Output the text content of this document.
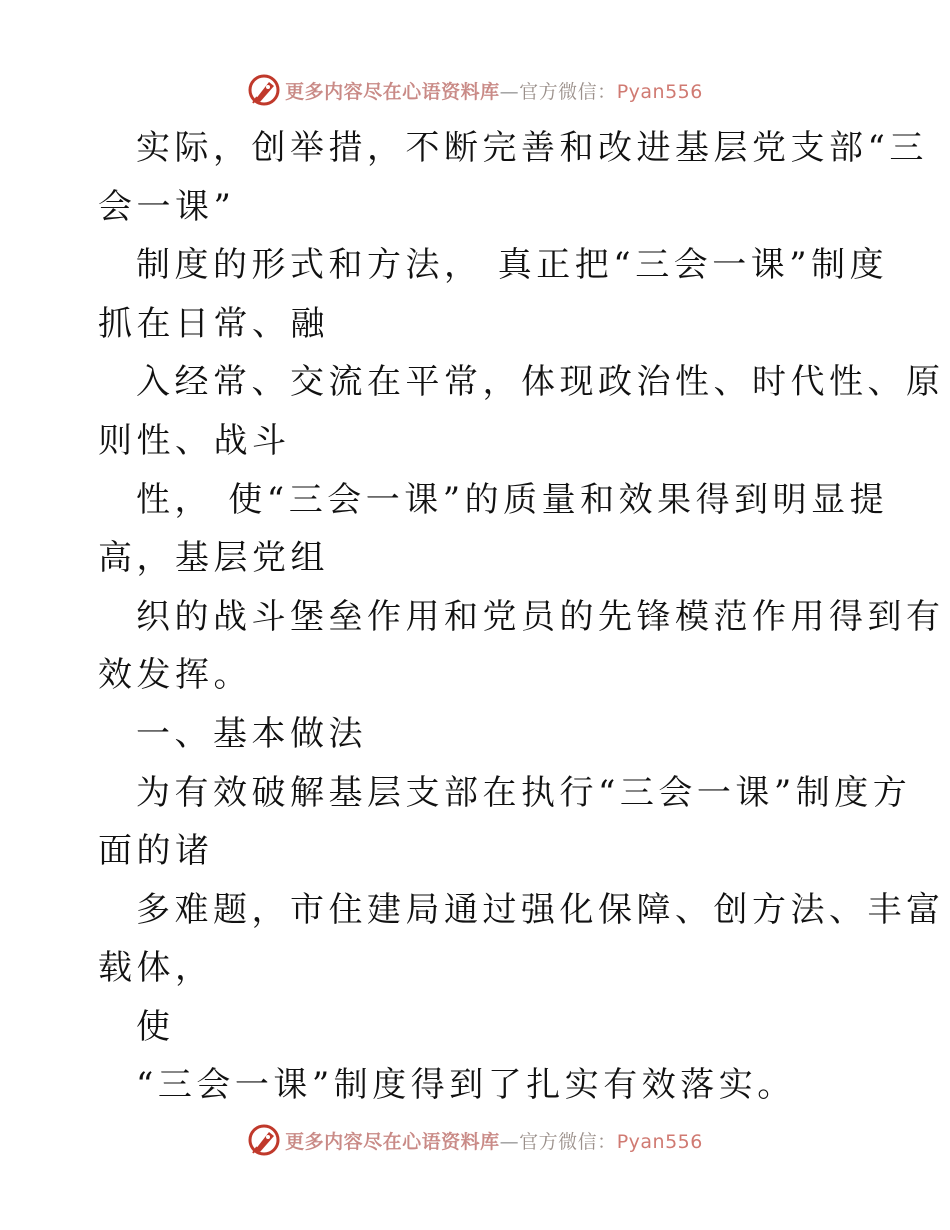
更多内容尽在心语资料库—官方微信：Pyan556
实际，创举措，不断完善和改进基层党支部“三
会一课”
制度的形式和方法， 真正把“三会一课”制度
抓在日常、融
入经常、交流在平常，体现政治性、时代性、原
则性、战斗
性， 使“三会一课”的质量和效果得到明显提
高，基层党组
织的战斗堡垒作用和党员的先锋模范作用得到有
效发挥。
一、基本做法
为有效破解基层支部在执行“三会一课”制度方
面的诸
多难题，市住建局通过强化保障、创方法、丰富
载体，
使
“三会一课”制度得到了扎实有效落实。
更多内容尽在心语资料库—官方微信：Pyan556
